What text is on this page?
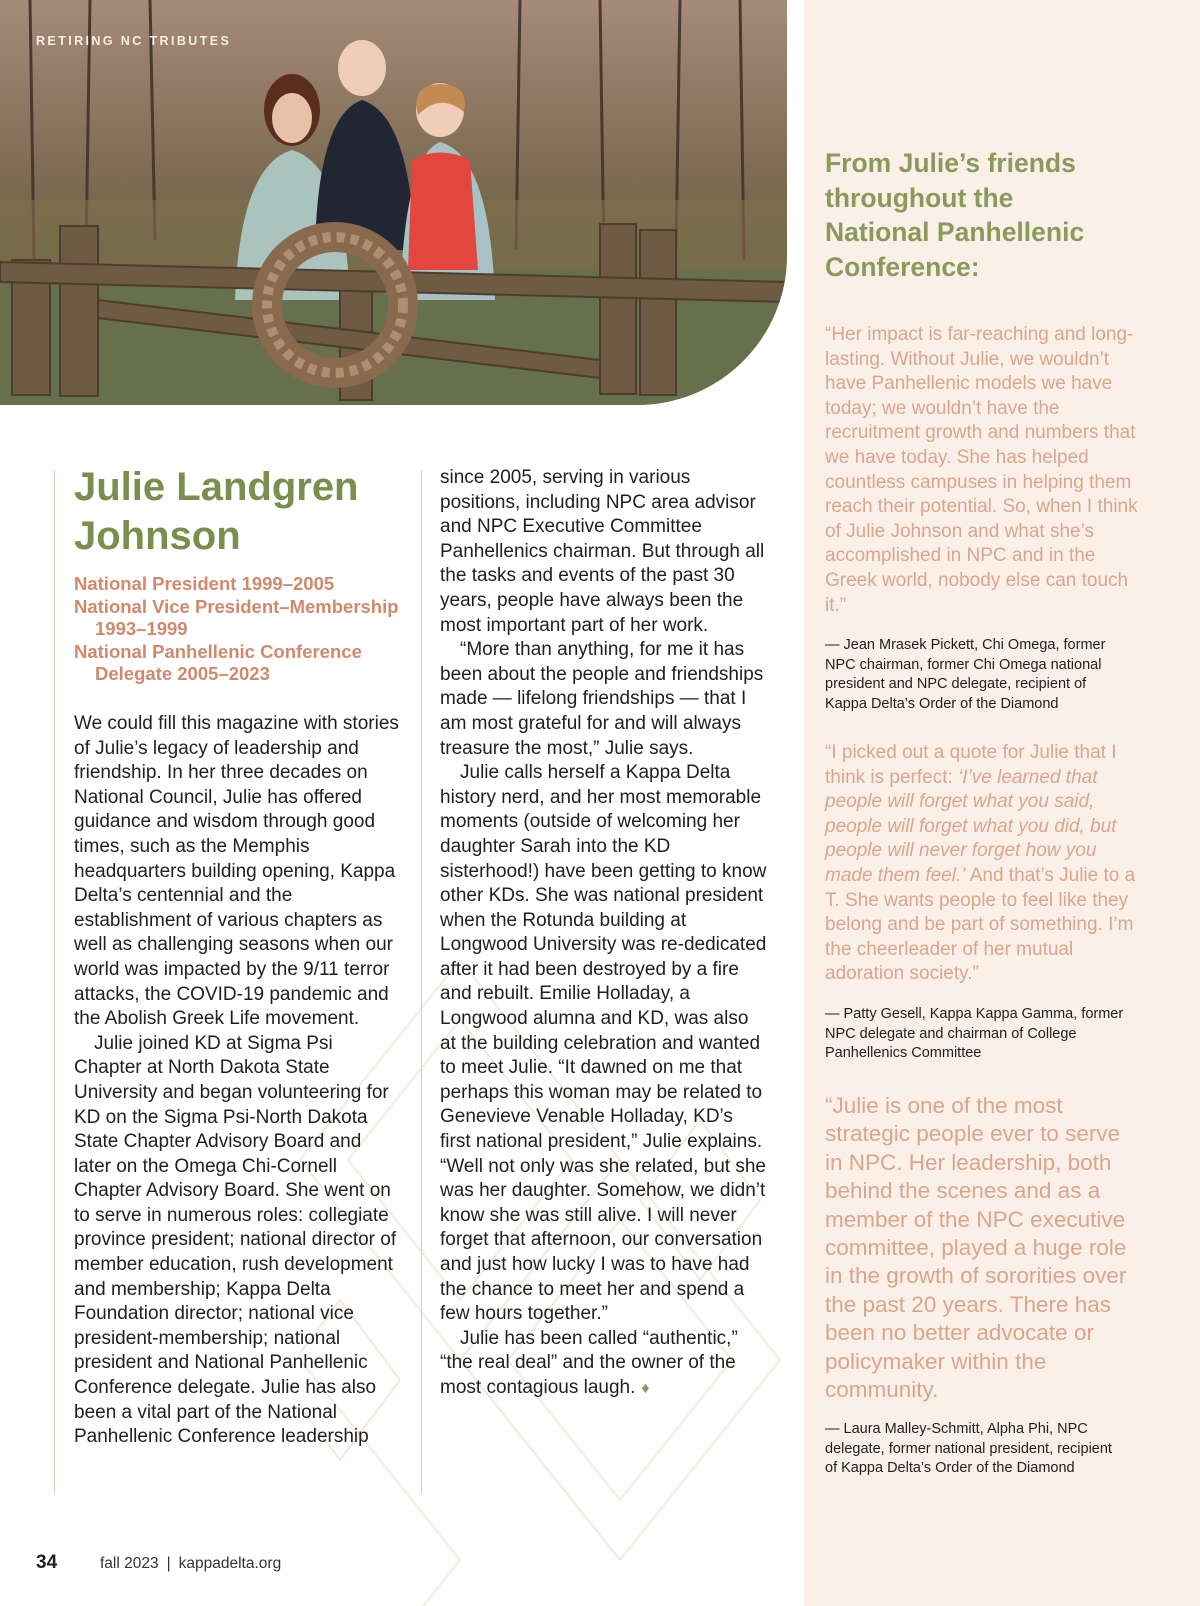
RETIRING NC TRIBUTES
Julie Landgren
Johnson
National President 1999–2005
National Vice President–Membership 1993–1999
National Panhellenic Conference Delegate 2005–2023

We could fill this magazine with stories of Julie’s legacy of leadership and friendship. In her three decades on National Council, Julie has offered guidance and wisdom through good times, such as the Memphis headquarters building opening, Kappa Delta’s centennial and the establishment of various chapters as well as challenging seasons when our world was impacted by the 9/11 terror attacks, the COVID-19 pandemic and the Abolish Greek Life movement.

Julie joined KD at Sigma Psi Chapter at North Dakota State University and began volunteering for KD on the Sigma Psi-North Dakota State Chapter Advisory Board and later on the Omega Chi-Cornell Chapter Advisory Board. She went on to serve in numerous roles: collegiate province president; national director of member education, rush development and membership; Kappa Delta Foundation director; national vice president-membership; national president and National Panhellenic Conference delegate. Julie has also been a vital part of the National Panhellenic Conference leadership

since 2005, serving in various positions, including NPC area advisor and NPC Executive Committee Panhellenics chairman. But through all the tasks and events of the past 30 years, people have always been the most important part of her work.

“More than anything, for me it has been about the people and friendships made — lifelong friendships — that I am most grateful for and will always treasure the most,” Julie says.

Julie calls herself a Kappa Delta history nerd, and her most memorable moments (outside of welcoming her daughter Sarah into the KD sisterhood!) have been getting to know other KDs. She was national president when the Rotunda building at Longwood University was re-dedicated after it had been destroyed by a fire and rebuilt. Emilie Holladay, a Longwood alumna and KD, was also at the building celebration and wanted to meet Julie. “It dawned on me that perhaps this woman may be related to Genevieve Venable Holladay, KD’s first national president,” Julie explains. “Well not only was she related, but she was her daughter. Somehow, we didn’t know she was still alive. I will never forget that afternoon, our conversation and just how lucky I was to have had the chance to meet her and spend a few hours together.”

Julie has been called “authentic,” “the real deal” and the owner of the most contagious laugh. ♦

From Julie’s friends
throughout the
National Panhellenic
Conference:

“Her impact is far-reaching and long-lasting. Without Julie, we wouldn’t have Panhellenic models we have today; we wouldn’t have the recruitment growth and numbers that we have today. She has helped countless campuses in helping them reach their potential. So, when I think of Julie Johnson and what she’s accomplished in NPC and in the Greek world, nobody else can touch it.”

— Jean Mrasek Pickett, Chi Omega, former NPC chairman, former Chi Omega national president and NPC delegate, recipient of Kappa Delta’s Order of the Diamond

“I picked out a quote for Julie that I think is perfect: ‘I’ve learned that people will forget what you said, people will forget what you did, but people will never forget how you made them feel.’ And that’s Julie to a T. She wants people to feel like they belong and be part of something. I’m the cheerleader of her mutual adoration society.”

— Patty Gesell, Kappa Kappa Gamma, former NPC delegate and chairman of College Panhellenics Committee

“Julie is one of the most strategic people ever to serve in NPC. Her leadership, both behind the scenes and as a member of the NPC executive committee, played a huge role in the growth of sororities over the past 20 years. There has been no better advocate or policymaker within the community.

— Laura Malley-Schmitt, Alpha Phi, NPC delegate, former national president, recipient of Kappa Delta’s Order of the Diamond
34	fall 2023 | kappadelta.org
